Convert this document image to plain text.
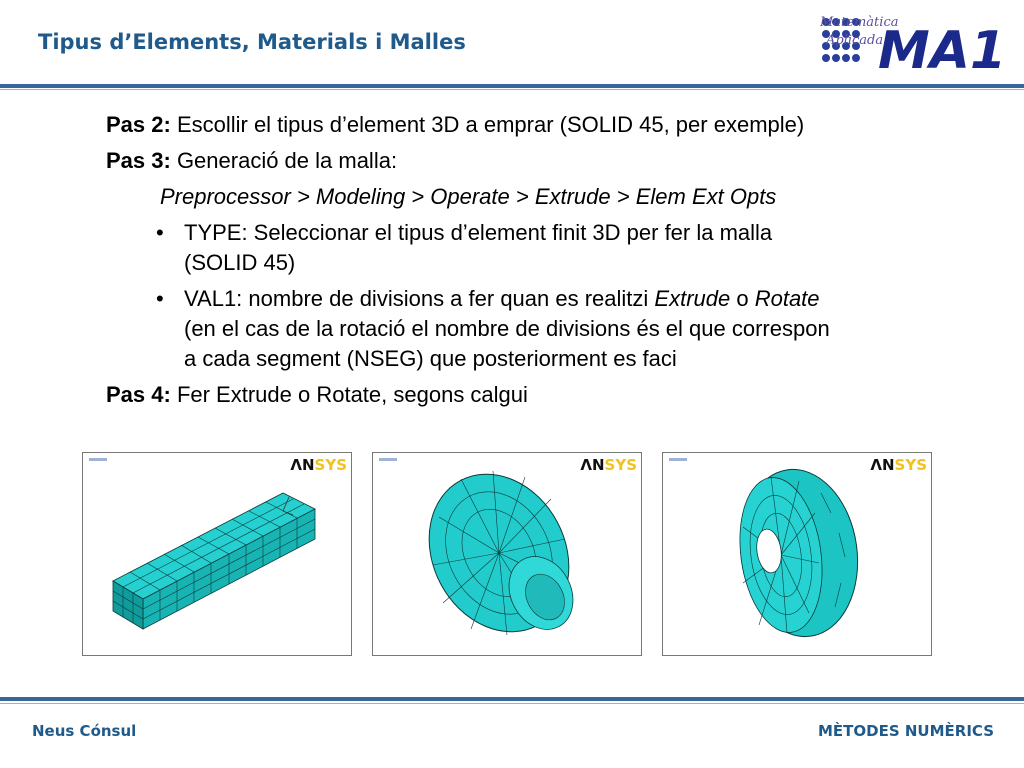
Tipus d’Elements, Materials i Malles
Matemàtica
Aplicada
MA1
Pas 2: Escollir el tipus d’element 3D a emprar (SOLID 45, per exemple)
Pas 3: Generació de la malla:
Preprocessor > Modeling > Operate > Extrude > Elem Ext Opts
• TYPE: Seleccionar el tipus d’element finit 3D per fer la malla
(SOLID 45)
• VAL1: nombre de divisions a fer quan es realitzi Extrude o Rotate
(en el cas de la rotació el nombre de divisions és el que correspon
a cada segment (NSEG) que posteriorment es faci
Pas 4: Fer Extrude o Rotate, segons calgui
ΛNSYS	ΛNSYS	ΛNSYS
Neus Cónsul	MÈTODES NUMÈRICS
